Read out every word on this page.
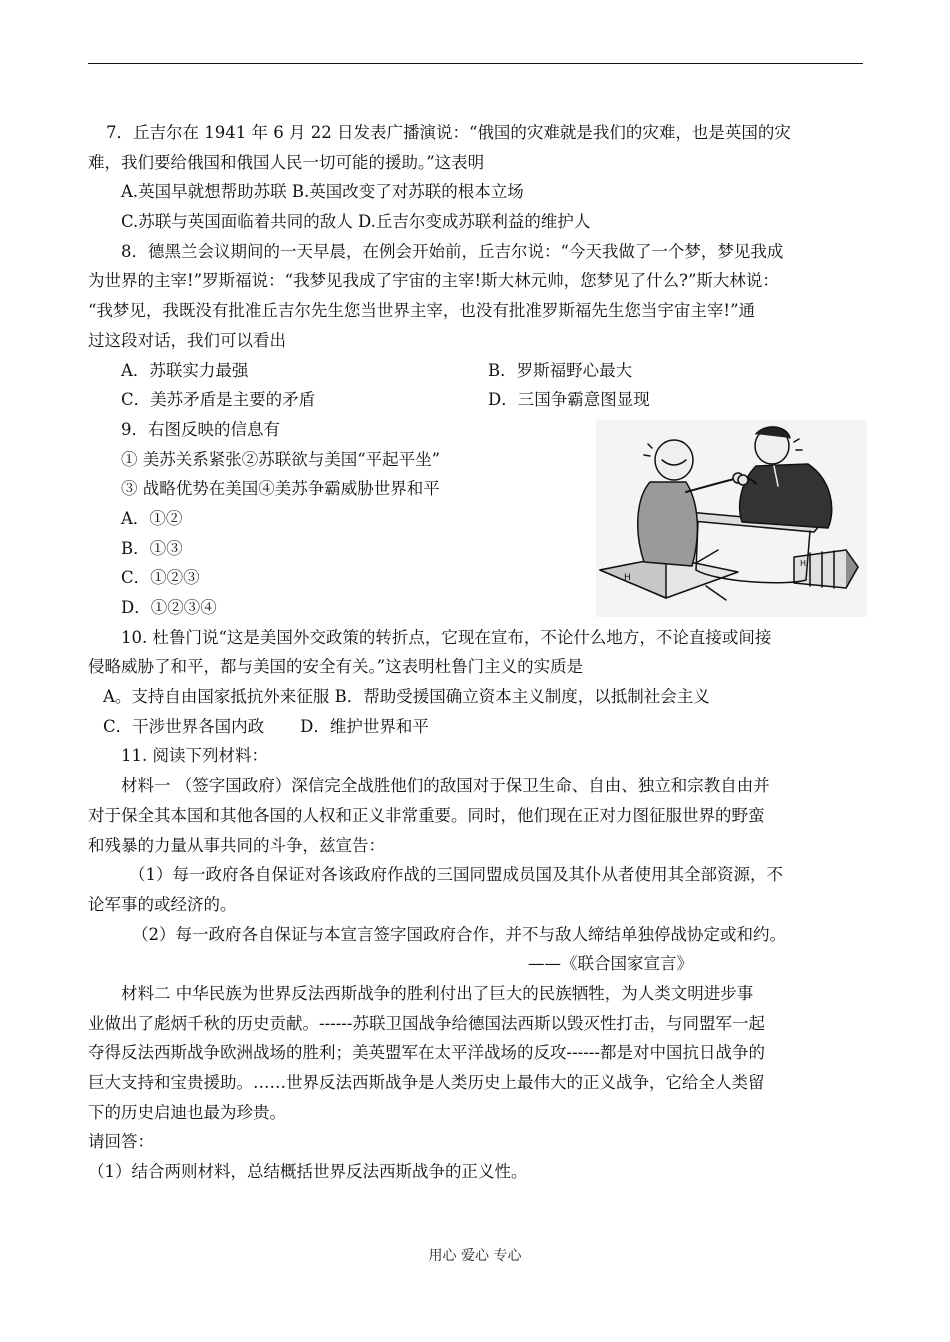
7．丘吉尔在 1941 年 6 月 22 日发表广播演说：“俄国的灾难就是我们的灾难，也是英国的灾
难，我们要给俄国和俄国人民一切可能的援助。”这表明
A.英国早就想帮助苏联 B.英国改变了对苏联的根本立场
C.苏联与英国面临着共同的敌人 D.丘吉尔变成苏联利益的维护人
8．德黑兰会议期间的一天早晨，在例会开始前，丘吉尔说：“今天我做了一个梦，梦见我成
为世界的主宰!”罗斯福说：“我梦见我成了宇宙的主宰!斯大林元帅，您梦见了什么?”斯大林说：
“我梦见，我既没有批准丘吉尔先生您当世界主宰，也没有批准罗斯福先生您当宇宙主宰!”通
过这段对话，我们可以看出
A．苏联实力最强	B．罗斯福野心最大
C．美苏矛盾是主要的矛盾	D．三国争霸意图显现
9．右图反映的信息有
① 美苏关系紧张②苏联欲与美国“平起平坐”
③ 战略优势在美国④美苏争霸威胁世界和平
A．①②
B．①③
C．①②③
D．①②③④
10. 杜鲁门说“这是美国外交政策的转折点，它现在宣布，不论什么地方，不论直接或间接
侵略威胁了和平，都与美国的安全有关。”这表明杜鲁门主义的实质是
A。支持自由国家抵抗外来征服 B．帮助受援国确立资本主义制度，以抵制社会主义
C．干涉世界各国内政 D．维护世界和平
11. 阅读下列材料：
材料一 （签字国政府）深信完全战胜他们的敌国对于保卫生命、自由、独立和宗教自由并
对于保全其本国和其他各国的人权和正义非常重要。同时，他们现在正对力图征服世界的野蛮
和残暴的力量从事共同的斗争，兹宣告：
（1）每一政府各自保证对各该政府作战的三国同盟成员国及其仆从者使用其全部资源，不
论军事的或经济的。
（2）每一政府各自保证与本宣言签字国政府合作，并不与敌人缔结单独停战协定或和约。
——《联合国家宣言》
材料二 中华民族为世界反法西斯战争的胜利付出了巨大的民族牺牲，为人类文明进步事
业做出了彪炳千秋的历史贡献。------苏联卫国战争给德国法西斯以毁灭性打击，与同盟军一起
夺得反法西斯战争欧洲战场的胜利；美英盟军在太平洋战场的反攻------都是对中国抗日战争的
巨大支持和宝贵援助。……世界反法西斯战争是人类历史上最伟大的正义战争，它给全人类留
下的历史启迪也最为珍贵。
请回答：
（1）结合两则材料，总结概括世界反法西斯战争的正义性。
H
H
用心 爱心 专心
